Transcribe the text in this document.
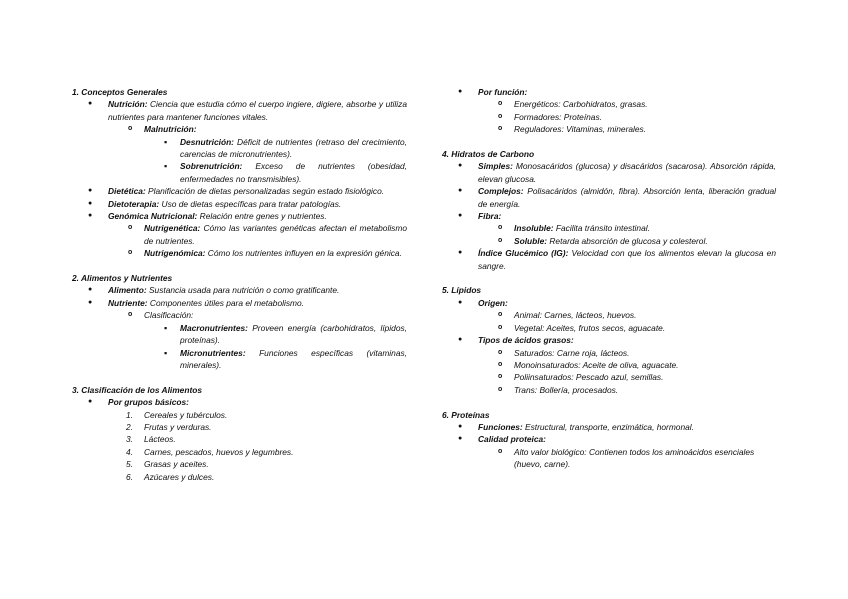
1. Conceptos Generales
● Nutrición: Ciencia que estudia cómo el cuerpo ingiere, digiere, absorbe y utiliza nutrientes para mantener funciones vitales.
o Malnutrición:
▪ Desnutrición: Déficit de nutrientes (retraso del crecimiento, carencias de micronutrientes).
▪ Sobrenutrición: Exceso de nutrientes (obesidad, enfermedades no transmisibles).
● Dietética: Planificación de dietas personalizadas según estado fisiológico.
● Dietoterapia: Uso de dietas específicas para tratar patologías.
● Genómica Nutricional: Relación entre genes y nutrientes.
o Nutrigenética: Cómo las variantes genéticas afectan el metabolismo de nutrientes.
o Nutrigenómica: Cómo los nutrientes influyen en la expresión génica.
2. Alimentos y Nutrientes
● Alimento: Sustancia usada para nutrición o como gratificante.
● Nutriente: Componentes útiles para el metabolismo.
o Clasificación:
▪ Macronutrientes: Proveen energía (carbohidratos, lípidos, proteínas).
▪ Micronutrientes: Funciones específicas (vitaminas, minerales).
3. Clasificación de los Alimentos
● Por grupos básicos:
1. Cereales y tubérculos.
2. Frutas y verduras.
3. Lácteos.
4. Carnes, pescados, huevos y legumbres.
5. Grasas y aceites.
6. Azúcares y dulces.
● Por función:
o Energéticos: Carbohidratos, grasas.
o Formadores: Proteínas.
o Reguladores: Vitaminas, minerales.
4. Hidratos de Carbono
● Simples: Monosacáridos (glucosa) y disacáridos (sacarosa). Absorción rápida, elevan glucosa.
● Complejos: Polisacáridos (almidón, fibra). Absorción lenta, liberación gradual de energía.
● Fibra:
o Insoluble: Facilita tránsito intestinal.
o Soluble: Retarda absorción de glucosa y colesterol.
● Índice Glucémico (IG): Velocidad con que los alimentos elevan la glucosa en sangre.
5. Lípidos
● Origen:
o Animal: Carnes, lácteos, huevos.
o Vegetal: Aceites, frutos secos, aguacate.
● Tipos de ácidos grasos:
o Saturados: Carne roja, lácteos.
o Monoinsaturados: Aceite de oliva, aguacate.
o Poliinsaturados: Pescado azul, semillas.
o Trans: Bollería, procesados.
6. Proteínas
● Funciones: Estructural, transporte, enzimática, hormonal.
● Calidad proteica:
o Alto valor biológico: Contienen todos los aminoácidos esenciales (huevo, carne).
